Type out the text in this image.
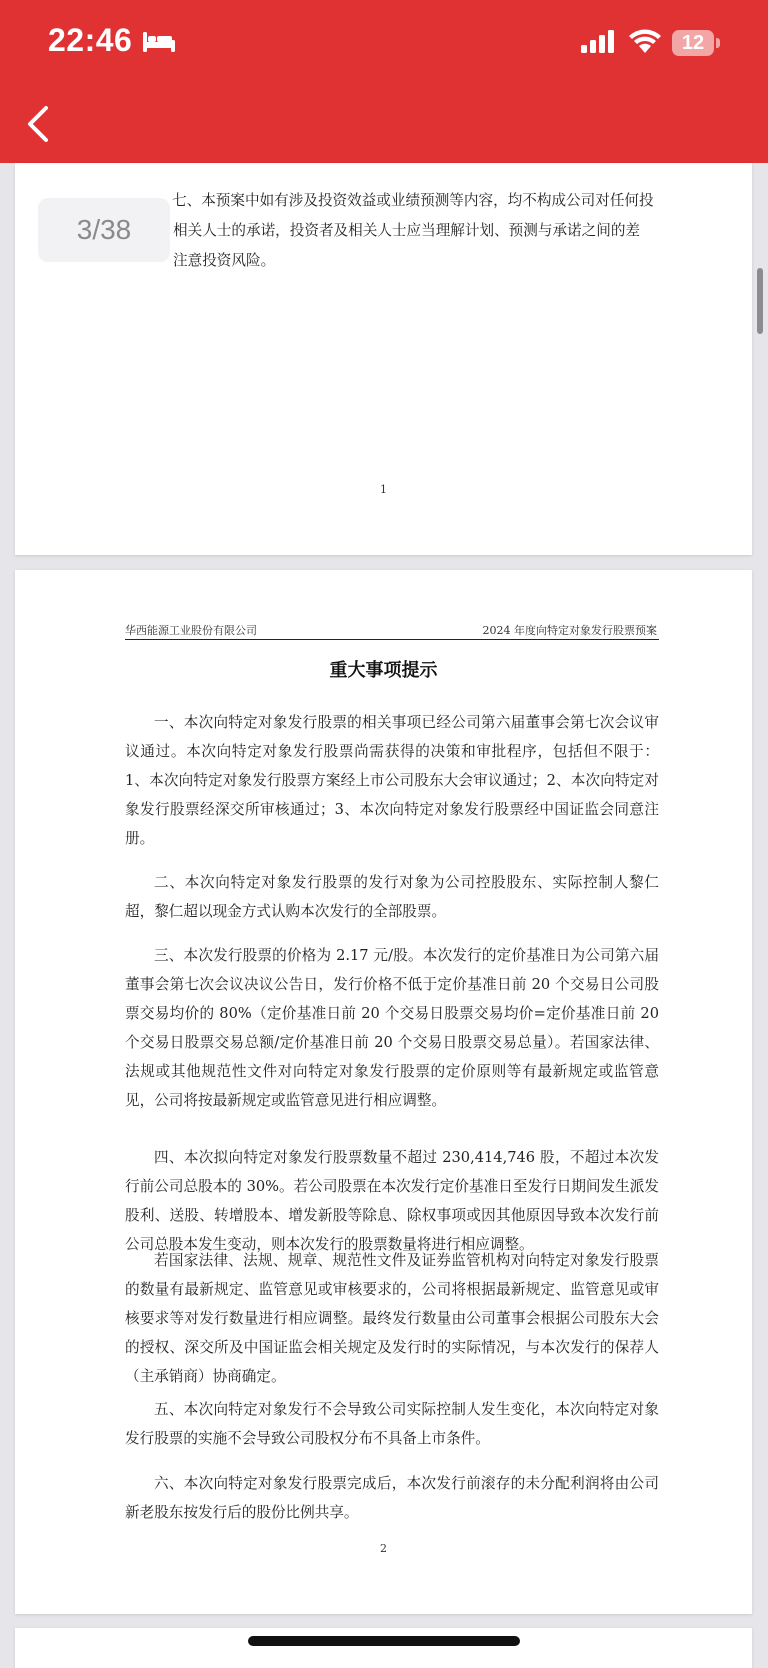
22:46	12
七、本预案中如有涉及投资效益或业绩预测等内容，均不构成公司对任何投
相关人士的承诺，投资者及相关人士应当理解计划、预测与承诺之间的差
注意投资风险。
1
3/38
华西能源工业股份有限公司	2024 年度向特定对象发行股票预案
重大事项提示
一、本次向特定对象发行股票的相关事项已经公司第六届董事会第七次会议审议通过。本次向特定对象发行股票尚需获得的决策和审批程序，包括但不限于：1、本次向特定对象发行股票方案经上市公司股东大会审议通过；2、本次向特定对象发行股票经深交所审核通过；3、本次向特定对象发行股票经中国证监会同意注册。
二、本次向特定对象发行股票的发行对象为公司控股股东、实际控制人黎仁超，黎仁超以现金方式认购本次发行的全部股票。
三、本次发行股票的价格为 2.17 元/股。本次发行的定价基准日为公司第六届董事会第七次会议决议公告日，发行价格不低于定价基准日前 20 个交易日公司股票交易均价的 80%（定价基准日前 20 个交易日股票交易均价=定价基准日前 20 个交易日股票交易总额/定价基准日前 20 个交易日股票交易总量）。若国家法律、法规或其他规范性文件对向特定对象发行股票的定价原则等有最新规定或监管意见，公司将按最新规定或监管意见进行相应调整。
四、本次拟向特定对象发行股票数量不超过 230,414,746 股，不超过本次发行前公司总股本的 30%。若公司股票在本次发行定价基准日至发行日期间发生派发股利、送股、转增股本、增发新股等除息、除权事项或因其他原因导致本次发行前公司总股本发生变动，则本次发行的股票数量将进行相应调整。
若国家法律、法规、规章、规范性文件及证券监管机构对向特定对象发行股票的数量有最新规定、监管意见或审核要求的，公司将根据最新规定、监管意见或审核要求等对发行数量进行相应调整。最终发行数量由公司董事会根据公司股东大会的授权、深交所及中国证监会相关规定及发行时的实际情况，与本次发行的保荐人（主承销商）协商确定。
五、本次向特定对象发行不会导致公司实际控制人发生变化，本次向特定对象发行股票的实施不会导致公司股权分布不具备上市条件。
六、本次向特定对象发行股票完成后，本次发行前滚存的未分配利润将由公司新老股东按发行后的股份比例共享。
2
